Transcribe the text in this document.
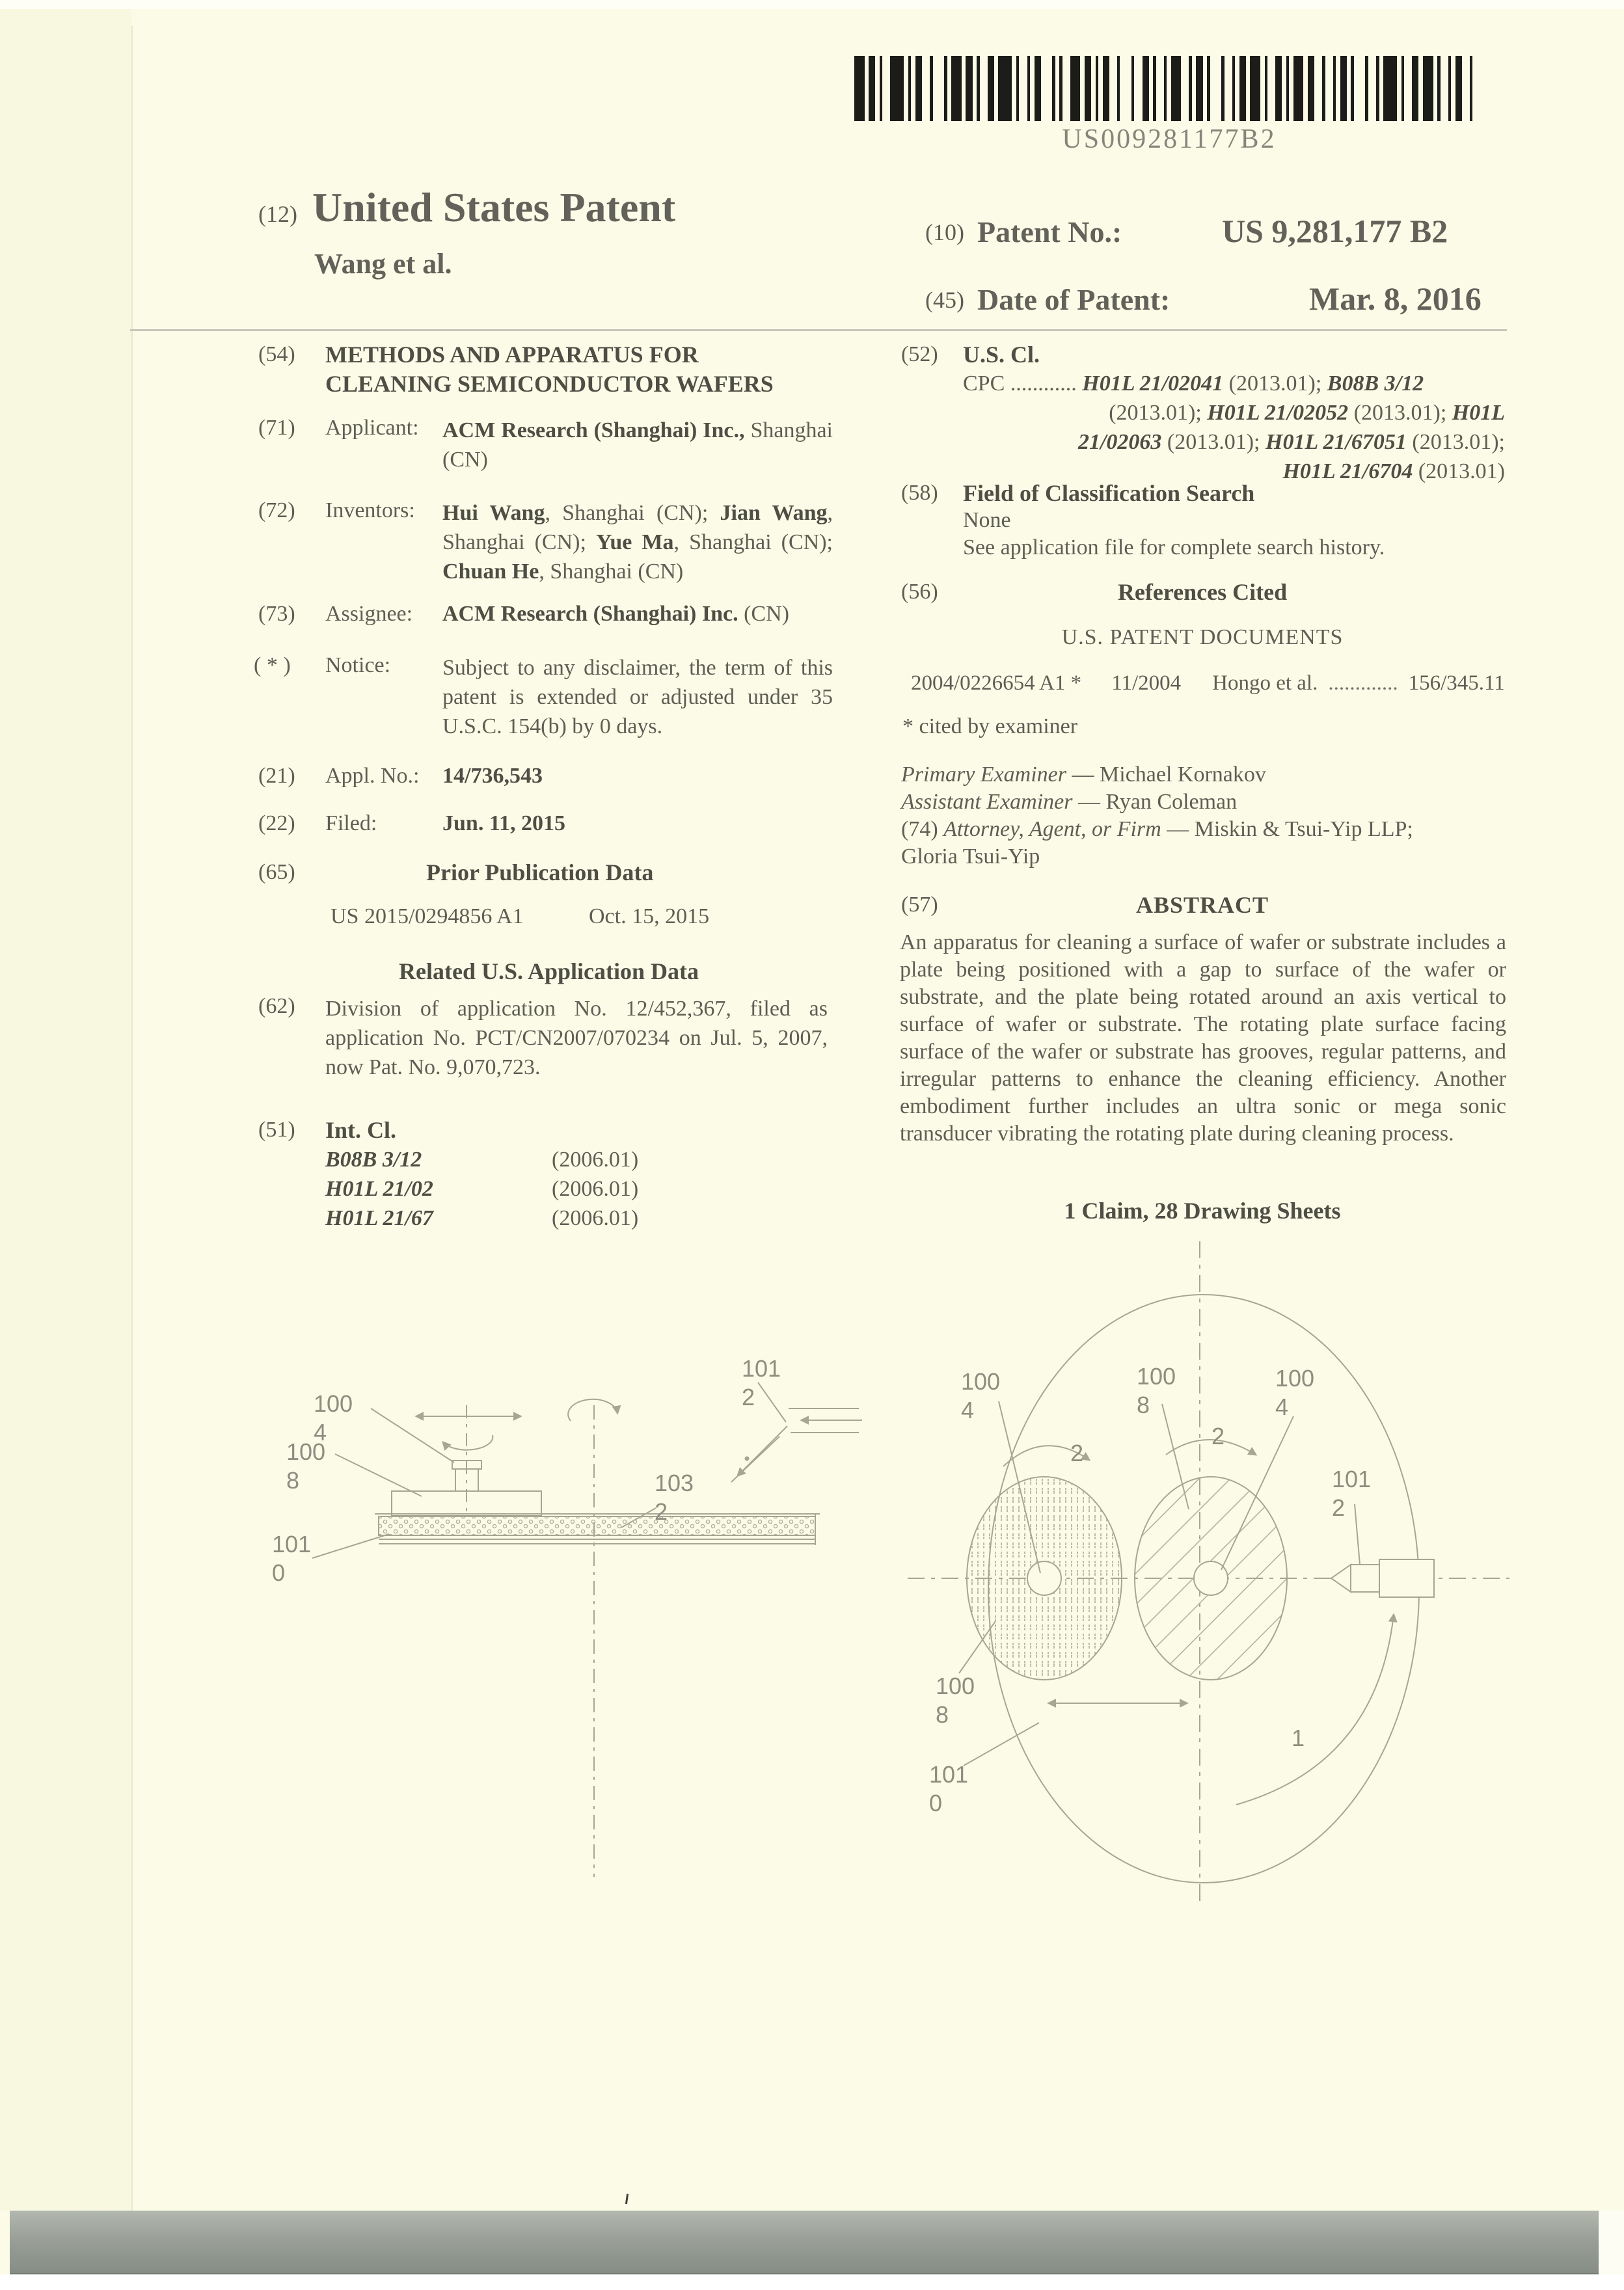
US009281177B2
(12) United States Patent
Wang et al.
(10) Patent No.:	US 9,281,177 B2
(45) Date of Patent:	Mar. 8, 2016
(54) METHODS AND APPARATUS FOR
CLEANING SEMICONDUCTOR WAFERS
(71) Applicant: ACM Research (Shanghai) Inc., Shanghai (CN)
(72) Inventors: Hui Wang, Shanghai (CN); Jian Wang, Shanghai (CN); Yue Ma, Shanghai (CN); Chuan He, Shanghai (CN)
(73) Assignee: ACM Research (Shanghai) Inc. (CN)
( * ) Notice: Subject to any disclaimer, the term of this patent is extended or adjusted under 35 U.S.C. 154(b) by 0 days.
(21) Appl. No.: 14/736,543
(22) Filed:	Jun. 11, 2015
(65)	Prior Publication Data
US 2015/0294856 A1	Oct. 15, 2015
Related U.S. Application Data
(62) Division of application No. 12/452,367, filed as application No. PCT/CN2007/070234 on Jul. 5, 2007, now Pat. No. 9,070,723.
(51) Int. Cl.
B08B 3/12	(2006.01)
H01L 21/02	(2006.01)
H01L 21/67	(2006.01)
(52) U.S. Cl.
CPC ............ H01L 21/02041 (2013.01); B08B 3/12
(2013.01); H01L 21/02052 (2013.01); H01L
21/02063 (2013.01); H01L 21/67051 (2013.01);
H01L 21/6704 (2013.01)
(58) Field of Classification Search
None
See application file for complete search history.
(56)	References Cited
U.S. PATENT DOCUMENTS
2004/0226654 A1 * 11/2004 Hongo et al. ............. 156/345.11
* cited by examiner
Primary Examiner — Michael Kornakov
Assistant Examiner — Ryan Coleman
(74) Attorney, Agent, or Firm — Miskin & Tsui-Yip LLP;
Gloria Tsui-Yip
(57)	ABSTRACT
An apparatus for cleaning a surface of wafer or substrate includes a plate being positioned with a gap to surface of the wafer or substrate, and the plate being rotated around an axis vertical to surface of wafer or substrate. The rotating plate surface facing surface of the wafer or substrate has grooves, regular patterns, and irregular patterns to enhance the cleaning efficiency. Another embodiment further includes an ultra sonic or mega sonic transducer vibrating the rotating plate during cleaning process.
1 Claim, 28 Drawing Sheets
100
4
100
8
101
0
103
2
101
2
100
4
100
8
100
4
101
2
100
8
101
0
2
2
1
